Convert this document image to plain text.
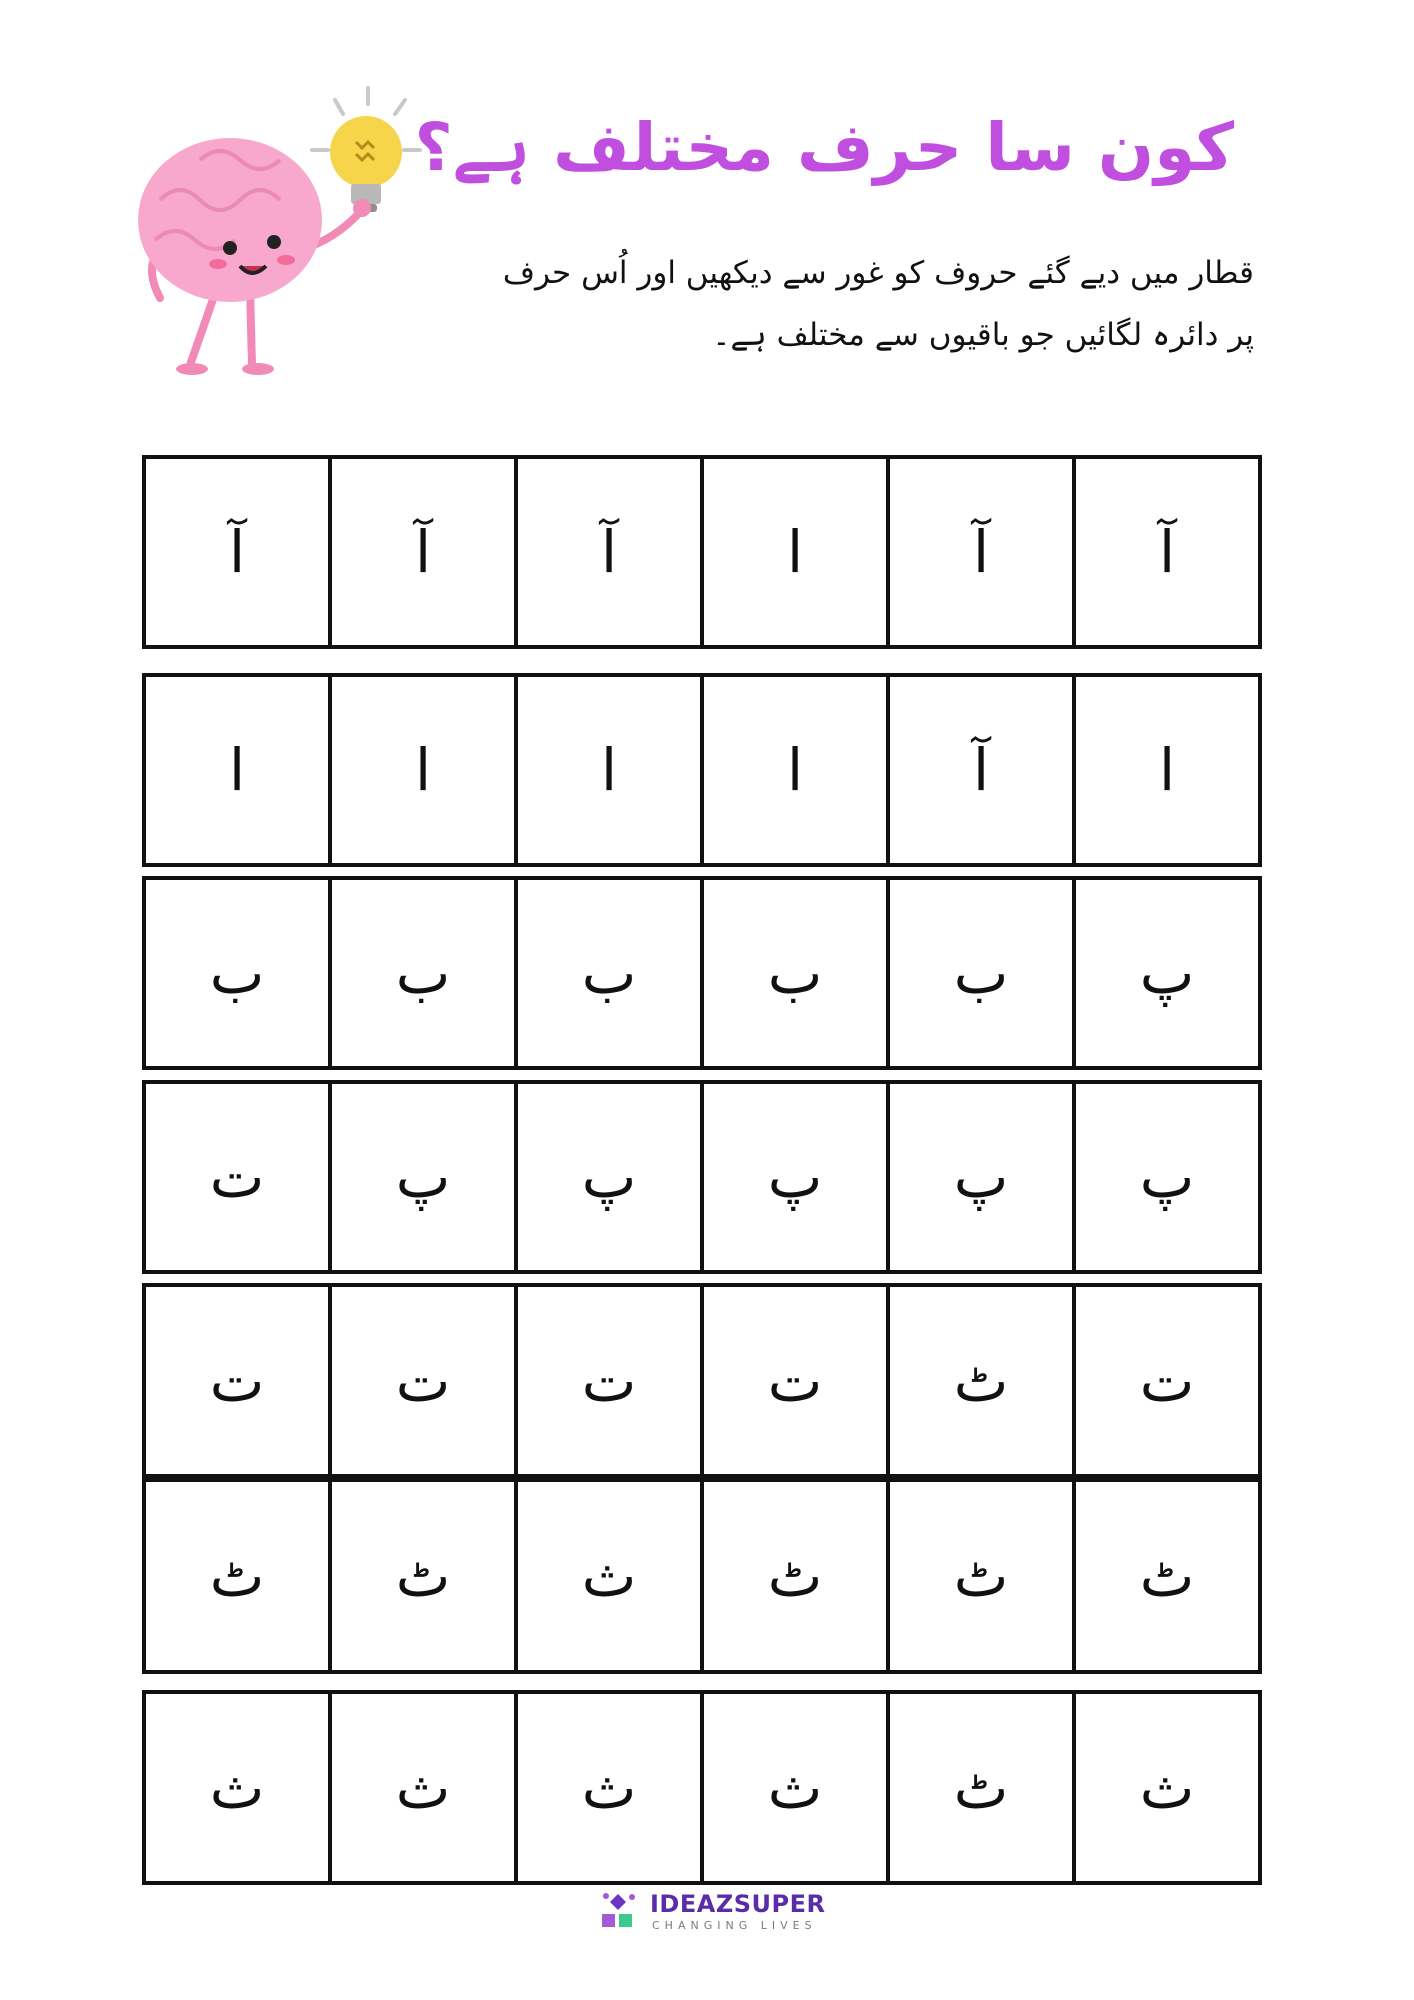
کون سا حرف مختلف ہے؟
قطار میں دیے گئے حروف کو غور سے دیکھیں اور اُس حرف
پر دائرہ لگائیں جو باقیوں سے مختلف ہے۔
آ
آ
ا
آ
آ
آ
ا
آ
ا
ا
ا
ا
پ
ب
ب
ب
ب
ب
پ
پ
پ
پ
پ
ت
ت
ٹ
ت
ت
ت
ت
ٹ
ٹ
ٹ
ث
ٹ
ٹ
ث
ٹ
ث
ث
ث
ث
IDEAZSUPER
CHANGING LIVES
